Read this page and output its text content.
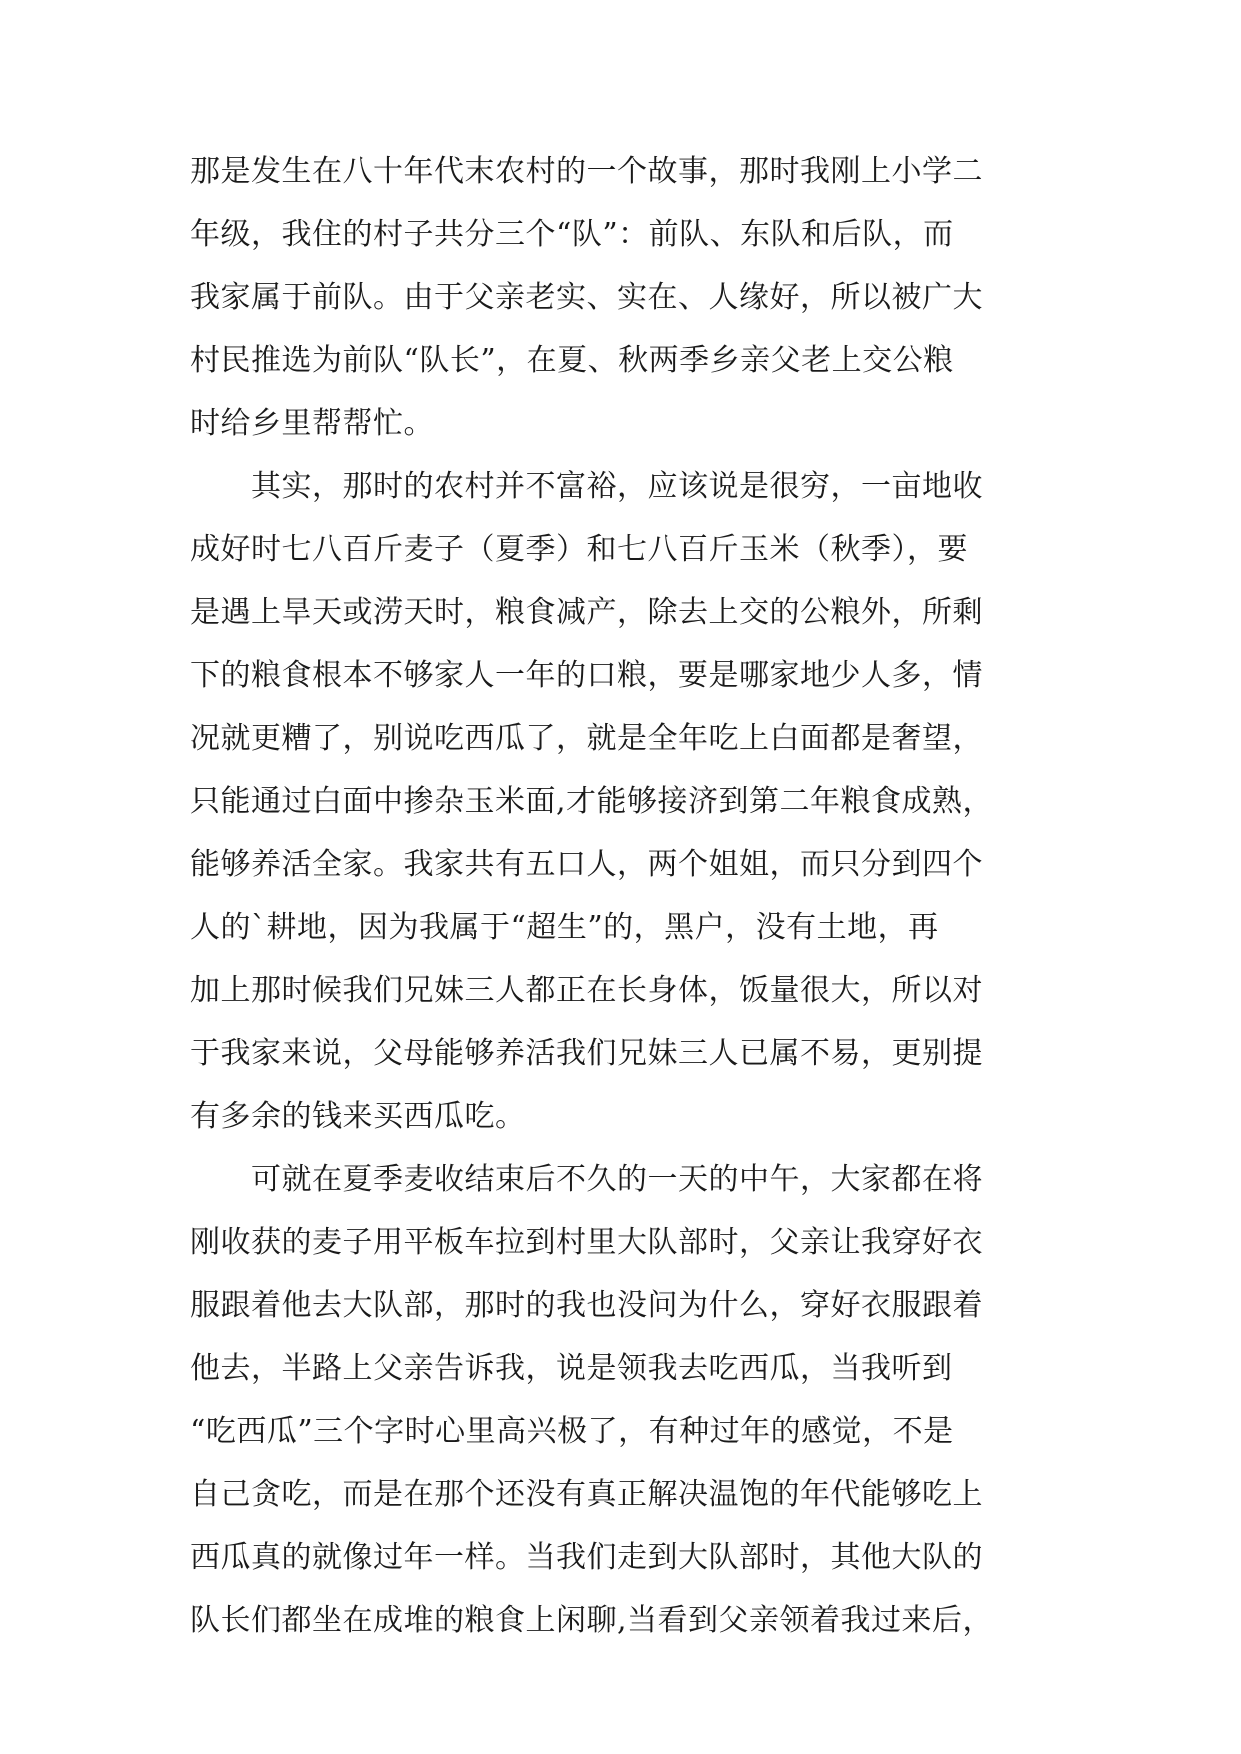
那是发生在八十年代末农村的一个故事，那时我刚上小学二
年级，我住的村子共分三个“队”：前队、东队和后队，而
我家属于前队。由于父亲老实、实在、人缘好，所以被广大
村民推选为前队“队长”，在夏、秋两季乡亲父老上交公粮
时给乡里帮帮忙。
　　其实，那时的农村并不富裕，应该说是很穷，一亩地收
成好时七八百斤麦子（夏季）和七八百斤玉米（秋季），要
是遇上旱天或涝天时，粮食减产，除去上交的公粮外，所剩
下的粮食根本不够家人一年的口粮，要是哪家地少人多，情
况就更糟了，别说吃西瓜了，就是全年吃上白面都是奢望，
只能通过白面中掺杂玉米面,才能够接济到第二年粮食成熟，
能够养活全家。我家共有五口人，两个姐姐，而只分到四个
人的`耕地，因为我属于“超生”的，黑户，没有土地，再
加上那时候我们兄妹三人都正在长身体，饭量很大，所以对
于我家来说，父母能够养活我们兄妹三人已属不易，更别提
有多余的钱来买西瓜吃。
　　可就在夏季麦收结束后不久的一天的中午，大家都在将
刚收获的麦子用平板车拉到村里大队部时，父亲让我穿好衣
服跟着他去大队部，那时的我也没问为什么，穿好衣服跟着
他去，半路上父亲告诉我，说是领我去吃西瓜，当我听到
“吃西瓜”三个字时心里高兴极了，有种过年的感觉，不是
自己贪吃，而是在那个还没有真正解决温饱的年代能够吃上
西瓜真的就像过年一样。当我们走到大队部时，其他大队的
队长们都坐在成堆的粮食上闲聊,当看到父亲领着我过来后，
